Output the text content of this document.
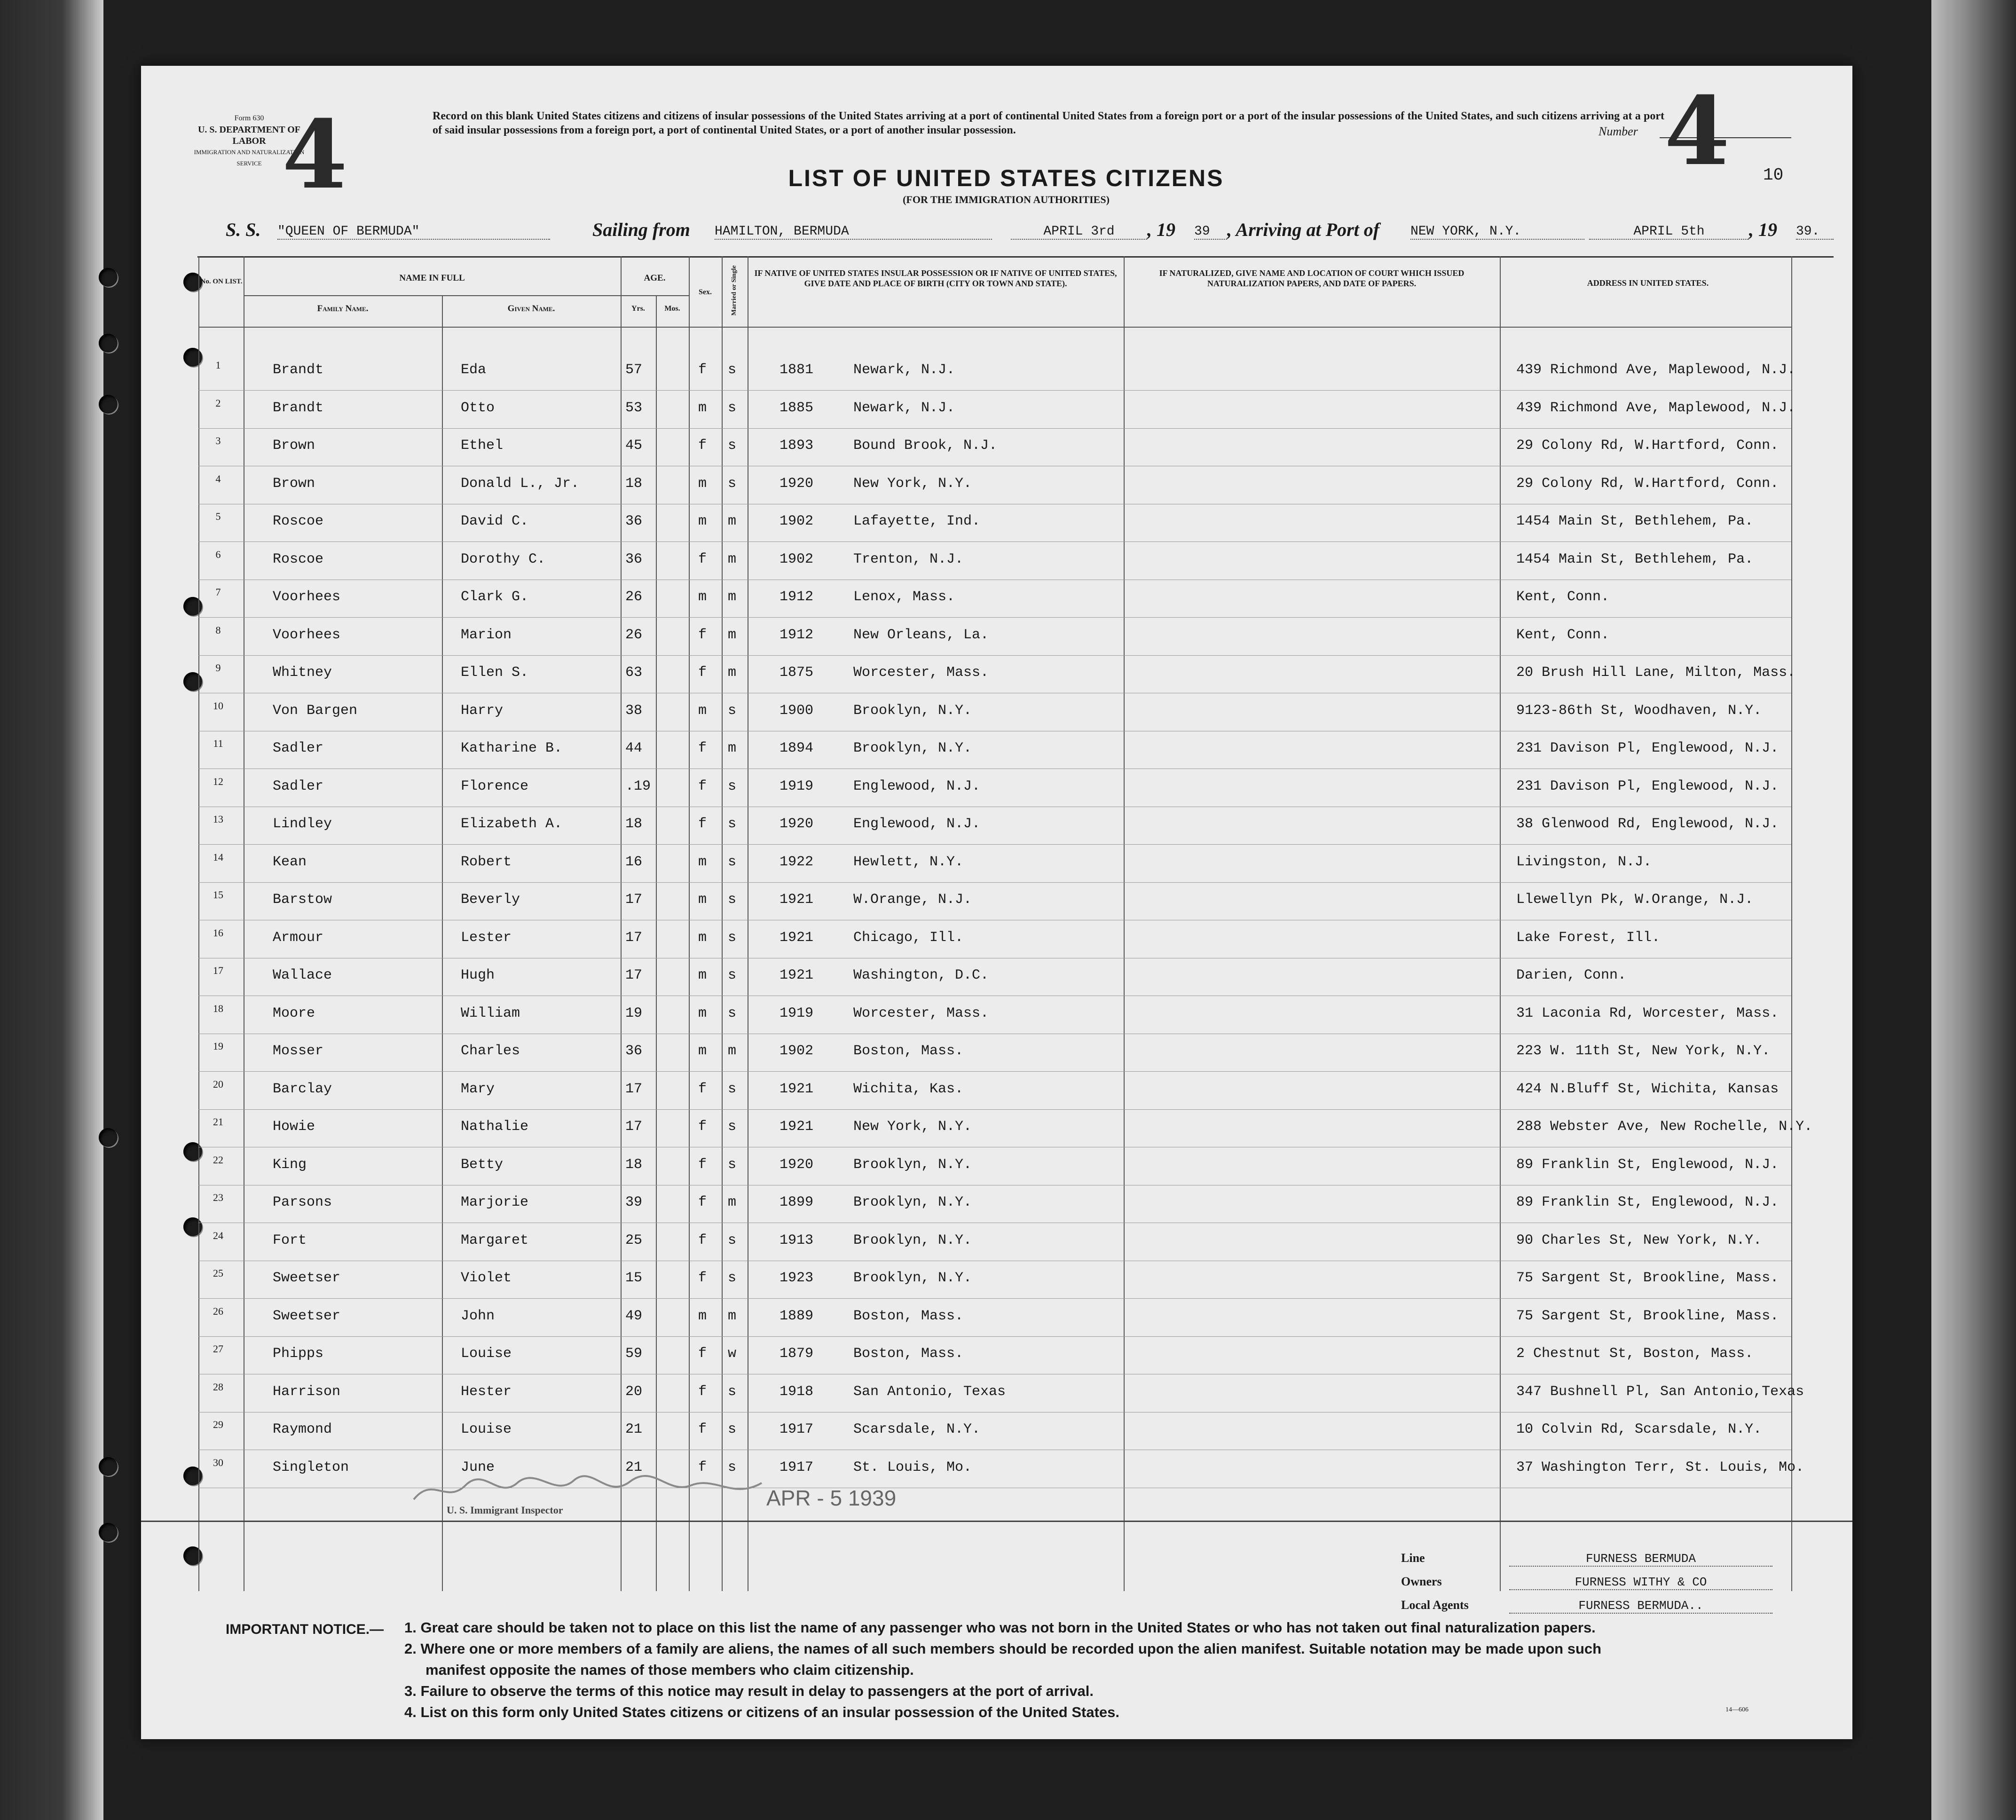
Form 630
U. S. DEPARTMENT OF LABOR
IMMIGRATION AND NATURALIZATION SERVICE 4	Record on this blank United States citizens and citizens of insular possessions of the United States arriving at a port of continental United States from a foreign port or a port of the insular possessions of the United States, and such citizens arriving at a port of said insular possessions from a foreign port, a port of continental United States, or a port of another insular possession.	Number 4 10
LIST OF UNITED STATES CITIZENS
(FOR THE IMMIGRATION AUTHORITIES)
S. S. "QUEEN OF BERMUDA"	Sailing from HAMILTON, BERMUDA	APRIL 3rd	, 19 39 , Arriving at Port of NEW YORK, N.Y.	APRIL 5th	, 19 39.
No. ON LIST.	NAME IN FULL
Family Name.	Given Name.
AGE.
Yrs.	Mos.
Sex.	Married or Single IF NATIVE OF UNITED STATES INSULAR POSSESSION OR IF NATIVE OF UNITED STATES, GIVE DATE AND PLACE OF BIRTH (CITY OR TOWN AND STATE).
IF NATURALIZED, GIVE NAME AND LOCATION OF COURT WHICH ISSUED NATURALIZATION PAPERS, AND DATE OF PAPERS.	ADDRESS IN UNITED STATES.
1	Brandt	Eda	57	f s	1881	Newark, N.J.	439 Richmond Ave, Maplewood, N.J.
2	Brandt	Otto	53	m s	1885	Newark, N.J.	439 Richmond Ave, Maplewood, N.J.
3	Brown	Ethel	45	f s	1893	Bound Brook, N.J.	29 Colony Rd, W.Hartford, Conn.
4	Brown	Donald L., Jr.	18	m s	1920	New York, N.Y.	29 Colony Rd, W.Hartford, Conn.
5	Roscoe	David C.	36	m m	1902	Lafayette, Ind.	1454 Main St, Bethlehem, Pa.
6	Roscoe	Dorothy C.	36	f m	1902	Trenton, N.J.	1454 Main St, Bethlehem, Pa.
7	Voorhees	Clark G.	26	m m	1912	Lenox, Mass.	Kent, Conn.
8	Voorhees	Marion	26	f m	1912	New Orleans, La.	Kent, Conn.
9	Whitney	Ellen S.	63	f m	1875	Worcester, Mass.	20 Brush Hill Lane, Milton, Mass.
10	Von Bargen	Harry	38	m s	1900	Brooklyn, N.Y.	9123-86th St, Woodhaven, N.Y.
11	Sadler	Katharine B.	44	f m	1894	Brooklyn, N.Y.	231 Davison Pl, Englewood, N.J.
12	Sadler	Florence	.19	f s	1919	Englewood, N.J.	231 Davison Pl, Englewood, N.J.
13	Lindley	Elizabeth A.	18	f s	1920	Englewood, N.J.	38 Glenwood Rd, Englewood, N.J.
14	Kean	Robert	16	m s	1922	Hewlett, N.Y.	Livingston, N.J.
15	Barstow	Beverly	17	m s	1921	W.Orange, N.J.	Llewellyn Pk, W.Orange, N.J.
16	Armour	Lester	17	m s	1921	Chicago, Ill.	Lake Forest, Ill.
17	Wallace	Hugh	17	m s	1921	Washington, D.C.	Darien, Conn.
18	Moore	William	19	m s	1919	Worcester, Mass.	31 Laconia Rd, Worcester, Mass.
19	Mosser	Charles	36	m m	1902	Boston, Mass.	223 W. 11th St, New York, N.Y.
20	Barclay	Mary	17	f s	1921	Wichita, Kas.	424 N.Bluff St, Wichita, Kansas
21	Howie	Nathalie	17	f s	1921	New York, N.Y.	288 Webster Ave, New Rochelle, N.Y.
22	King	Betty	18	f s	1920	Brooklyn, N.Y.	89 Franklin St, Englewood, N.J.
23	Parsons	Marjorie	39	f m	1899	Brooklyn, N.Y.	89 Franklin St, Englewood, N.J.
24	Fort	Margaret	25	f s	1913	Brooklyn, N.Y.	90 Charles St, New York, N.Y.
25	Sweetser	Violet	15	f s	1923	Brooklyn, N.Y.	75 Sargent St, Brookline, Mass.
26	Sweetser	John	49	m m	1889	Boston, Mass.	75 Sargent St, Brookline, Mass.
27	Phipps	Louise	59	f w	1879	Boston, Mass.	2 Chestnut St, Boston, Mass.
28	Harrison	Hester	20	f s	1918	San Antonio, Texas	347 Bushnell Pl, San Antonio,Texas
29	Raymond	Louise	21	f s	1917	Scarsdale, N.Y.	10 Colvin Rd, Scarsdale, N.Y.
30	Singleton	June	21	f s	1917	St. Louis, Mo.	37 Washington Terr, St. Louis, Mo.
U. S. Immigrant Inspector	APR - 5 1939
Line	FURNESS BERMUDA
Owners	FURNESS WITHY & CO
Local Agents	FURNESS BERMUDA..
IMPORTANT NOTICE.— 1. Great care should be taken not to place on this list the name of any passenger who was not born in the United States or who has not taken out final naturalization papers.
2. Where one or more members of a family are aliens, the names of all such members should be recorded upon the alien manifest. Suitable notation may be made upon such
manifest opposite the names of those members who claim citizenship.
3. Failure to observe the terms of this notice may result in delay to passengers at the port of arrival.
4. List on this form only United States citizens or citizens of an insular possession of the United States.	14—606
